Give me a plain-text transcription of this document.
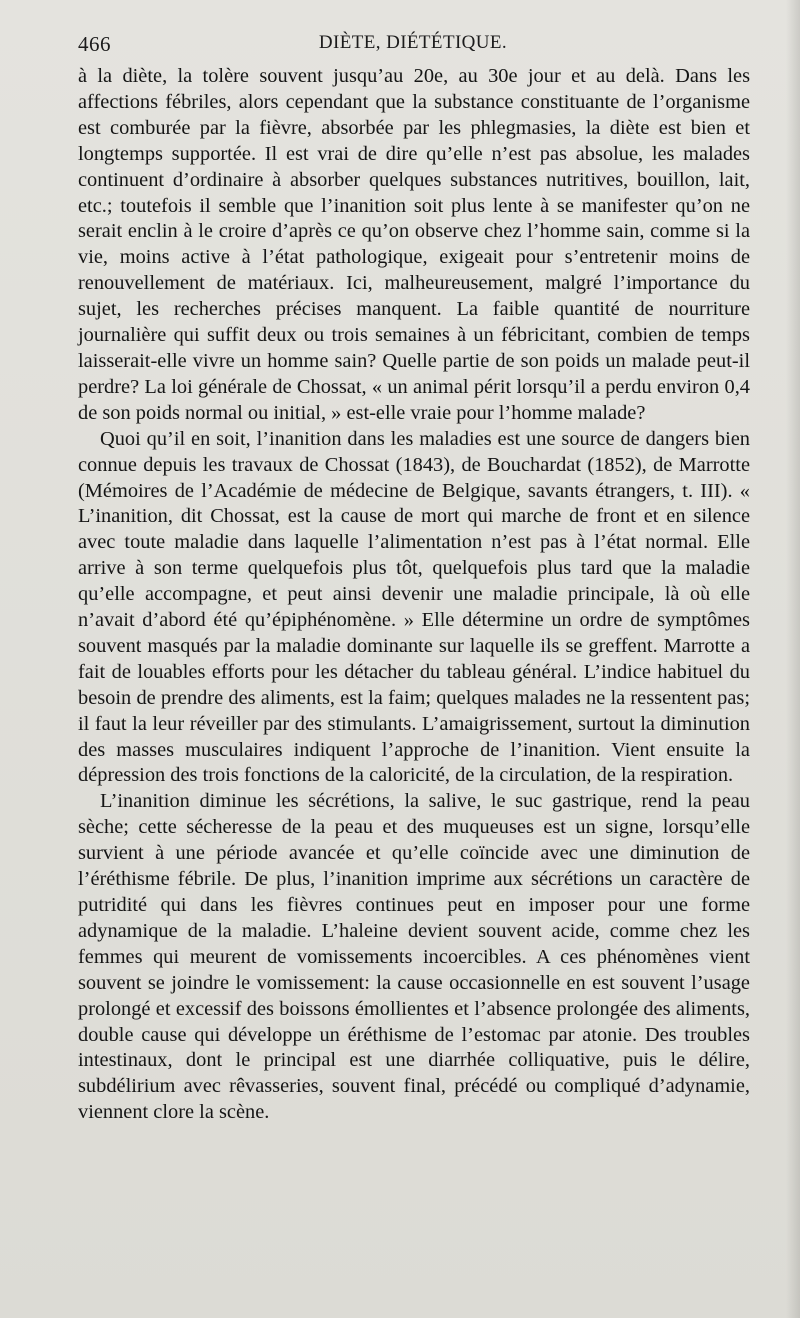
466	DIÈTE, DIÉTÉTIQUE.

à la diète, la tolère souvent jusqu’au 20e, au 30e jour et au delà. Dans les affections fébriles, alors cependant que la substance constituante de l’organisme est comburée par la fièvre, absorbée par les phlegmasies, la diète est bien et longtemps supportée. Il est vrai de dire qu’elle n’est pas absolue, les malades continuent d’ordinaire à absorber quelques substances nutritives, bouillon, lait, etc.; toutefois il semble que l’inanition soit plus lente à se manifester qu’on ne serait enclin à le croire d’après ce qu’on observe chez l’homme sain, comme si la vie, moins active à l’état pathologique, exigeait pour s’entretenir moins de renouvellement de matériaux. Ici, malheureusement, malgré l’importance du sujet, les recherches précises manquent. La faible quantité de nourriture journalière qui suffit deux ou trois semaines à un fébricitant, combien de temps laisserait-elle vivre un homme sain? Quelle partie de son poids un malade peut-il perdre? La loi générale de Chossat, « un animal périt lorsqu’il a perdu environ 0,4 de son poids normal ou initial, » est-elle vraie pour l’homme malade?

Quoi qu’il en soit, l’inanition dans les maladies est une source de dangers bien connue depuis les travaux de Chossat (1843), de Bouchardat (1852), de Marrotte (Mémoires de l’Académie de médecine de Belgique, savants étrangers, t. III). « L’inanition, dit Chossat, est la cause de mort qui marche de front et en silence avec toute maladie dans laquelle l’alimentation n’est pas à l’état normal. Elle arrive à son terme quelquefois plus tôt, quelquefois plus tard que la maladie qu’elle accompagne, et peut ainsi devenir une maladie principale, là où elle n’avait d’abord été qu’épiphénomène. » Elle détermine un ordre de symptômes souvent masqués par la maladie dominante sur laquelle ils se greffent. Marrotte a fait de louables efforts pour les détacher du tableau général. L’indice habituel du besoin de prendre des aliments, est la faim; quelques malades ne la ressentent pas; il faut la leur réveiller par des stimulants. L’amaigrissement, surtout la diminution des masses musculaires indiquent l’approche de l’inanition. Vient ensuite la dépression des trois fonctions de la caloricité, de la circulation, de la respiration.

L’inanition diminue les sécrétions, la salive, le suc gastrique, rend la peau sèche; cette sécheresse de la peau et des muqueuses est un signe, lorsqu’elle survient à une période avancée et qu’elle coïncide avec une diminution de l’éréthisme fébrile. De plus, l’inanition imprime aux sécrétions un caractère de putridité qui dans les fièvres continues peut en imposer pour une forme adynamique de la maladie. L’haleine devient souvent acide, comme chez les femmes qui meurent de vomissements incoercibles. A ces phénomènes vient souvent se joindre le vomissement: la cause occasionnelle en est souvent l’usage prolongé et excessif des boissons émollientes et l’absence prolongée des aliments, double cause qui développe un éréthisme de l’estomac par atonie. Des troubles intestinaux, dont le principal est une diarrhée colliquative, puis le délire, subdélirium avec rêvasseries, souvent final, précédé ou compliqué d’adynamie, viennent clore la scène.
